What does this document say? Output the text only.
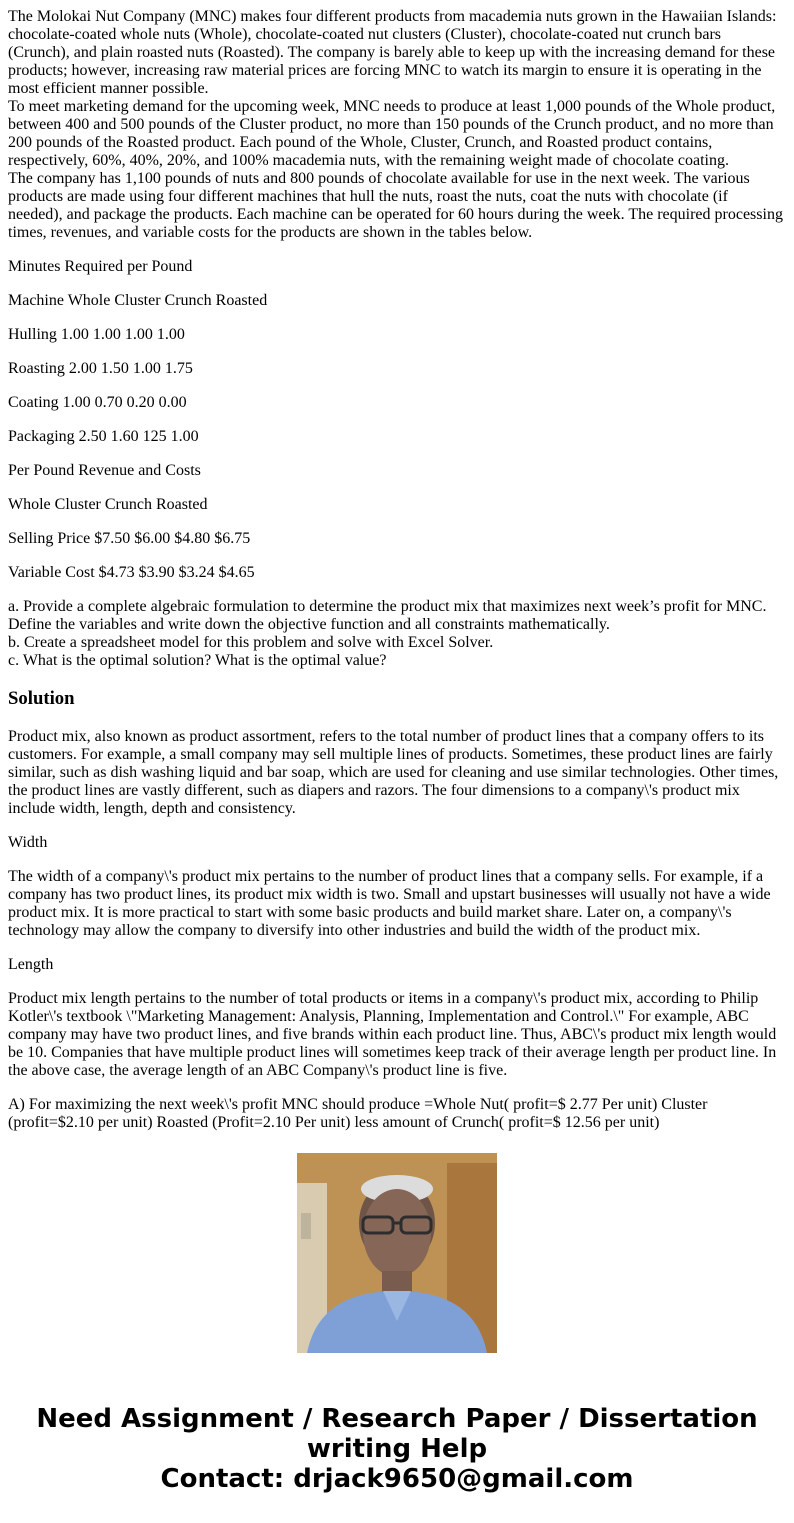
The Molokai Nut Company (MNC) makes four different products from macademia nuts grown in the Hawaiian Islands: chocolate-coated whole nuts (Whole), chocolate-coated nut clusters (Cluster), chocolate-coated nut crunch bars (Crunch), and plain roasted nuts (Roasted). The company is barely able to keep up with the increasing demand for these products; however, increasing raw material prices are forcing MNC to watch its margin to ensure it is operating in the most efficient manner possible.
To meet marketing demand for the upcoming week, MNC needs to produce at least 1,000 pounds of the Whole product, between 400 and 500 pounds of the Cluster product, no more than 150 pounds of the Crunch product, and no more than 200 pounds of the Roasted product. Each pound of the Whole, Cluster, Crunch, and Roasted product contains, respectively, 60%, 40%, 20%, and 100% macademia nuts, with the remaining weight made of chocolate coating.
The company has 1,100 pounds of nuts and 800 pounds of chocolate available for use in the next week. The various products are made using four different machines that hull the nuts, roast the nuts, coat the nuts with chocolate (if needed), and package the products. Each machine can be operated for 60 hours during the week. The required processing times, revenues, and variable costs for the products are shown in the tables below.

Minutes Required per Pound

Machine Whole Cluster Crunch Roasted

Hulling 1.00 1.00 1.00 1.00

Roasting 2.00 1.50 1.00 1.75

Coating 1.00 0.70 0.20 0.00

Packaging 2.50 1.60 125 1.00

Per Pound Revenue and Costs

Whole Cluster Crunch Roasted

Selling Price $7.50 $6.00 $4.80 $6.75

Variable Cost $4.73 $3.90 $3.24 $4.65

a. Provide a complete algebraic formulation to determine the product mix that maximizes next week’s profit for MNC. Define the variables and write down the objective function and all constraints mathematically.
b. Create a spreadsheet model for this problem and solve with Excel Solver.
c. What is the optimal solution? What is the optimal value?

Solution

Product mix, also known as product assortment, refers to the total number of product lines that a company offers to its customers. For example, a small company may sell multiple lines of products. Sometimes, these product lines are fairly similar, such as dish washing liquid and bar soap, which are used for cleaning and use similar technologies. Other times, the product lines are vastly different, such as diapers and razors. The four dimensions to a company\'s product mix include width, length, depth and consistency.

Width

The width of a company\'s product mix pertains to the number of product lines that a company sells. For example, if a company has two product lines, its product mix width is two. Small and upstart businesses will usually not have a wide product mix. It is more practical to start with some basic products and build market share. Later on, a company\'s technology may allow the company to diversify into other industries and build the width of the product mix.

Length

Product mix length pertains to the number of total products or items in a company\'s product mix, according to Philip Kotler\'s textbook \"Marketing Management: Analysis, Planning, Implementation and Control.\" For example, ABC company may have two product lines, and five brands within each product line. Thus, ABC\'s product mix length would be 10. Companies that have multiple product lines will sometimes keep track of their average length per product line. In the above case, the average length of an ABC Company\'s product line is five.

A) For maximizing the next week\'s profit MNC should produce =Whole Nut( profit=$ 2.77 Per unit) Cluster (profit=$2.10 per unit) Roasted (Profit=2.10 Per unit) less amount of Crunch( profit=$ 12.56 per unit)
Need Assignment / Research Paper / Dissertation
writing Help
Contact: drjack9650@gmail.com
